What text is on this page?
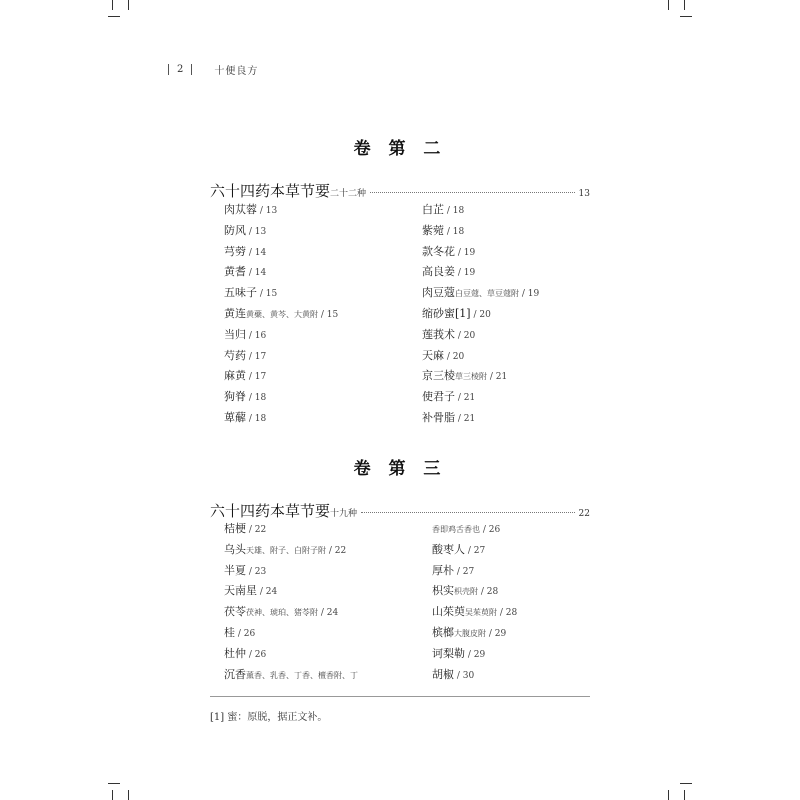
2	十便良方
卷 第 二
六十四药本草节要 二十二种	13
肉苁蓉 / 13
防风 / 13
芎䓖 / 14
黄耆 / 14
五味子 / 15
黄连黄蘗、黄芩、大黄附 / 15
当归 / 16
芍药 / 17
麻黄 / 17
狗脊 / 18
萆薢 / 18
白芷 / 18
紫菀 / 18
款冬花 / 19
高良姜 / 19
肉豆蔻白豆蔻、草豆蔻附 / 19
缩砂蜜[1] / 20
莲莪术 / 20
天麻 / 20
京三棱草三棱附 / 21
使君子 / 21
补骨脂 / 21
卷 第 三
六十四药本草节要 十九种	22
桔梗 / 22
乌头天雄、附子、白附子附 / 22
半夏 / 23
天南星 / 24
茯苓茯神、琥珀、猪苓附 / 24
桂 / 26
杜仲 / 26
沉香薰香、乳香、丁香、檀香附、丁
香即鸡舌香也 / 26
酸枣人 / 27
厚朴 / 27
枳实枳壳附 / 28
山茱萸吴茱萸附 / 28
槟榔大腹皮附 / 29
诃梨勒 / 29
胡椒 / 30
[1] 蜜：原脱，据正文补。
